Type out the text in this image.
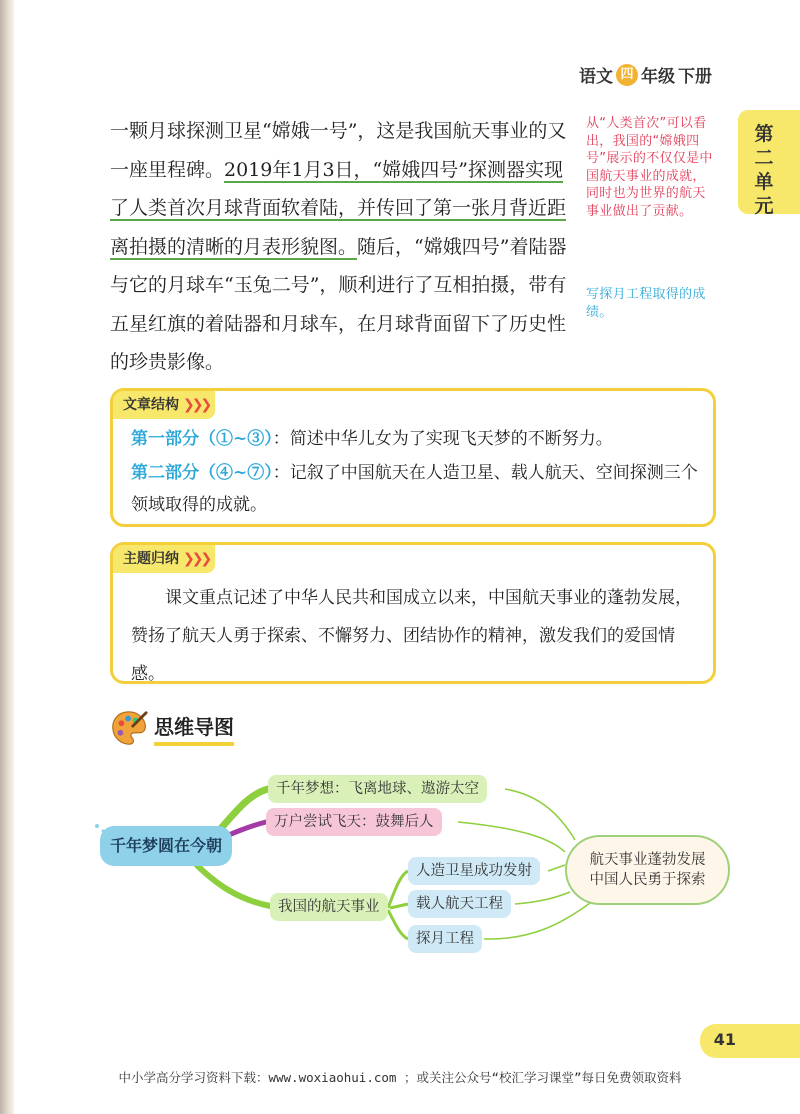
语文 四 年级 下册
第二单元

一颗月球探测卫星“嫦娥一号”，这是我国航天事业的又一座里程碑。2019年1月3日，“嫦娥四号”探测器实现了人类首次月球背面软着陆，并传回了第一张月背近距离拍摄的清晰的月表形貌图。随后，“嫦娥四号”着陆器与它的月球车“玉兔二号”，顺利进行了互相拍摄，带有五星红旗的着陆器和月球车，在月球背面留下了历史性的珍贵影像。

从“人类首次”可以看出，我国的“嫦娥四号”展示的不仅仅是中国航天事业的成就，同时也为世界的航天事业做出了贡献。

写探月工程取得的成绩。

文章结构 ❯❯❯

第一部分（①~③）：简述中华儿女为了实现飞天梦的不断努力。

第二部分（④~⑦）：记叙了中国航天在人造卫星、载人航天、空间探测三个领域取得的成就。

主题归纳 ❯❯❯

课文重点记述了中华人民共和国成立以来，中国航天事业的蓬勃发展，赞扬了航天人勇于探索、不懈努力、团结协作的精神，激发我们的爱国情感。

思维导图
千年梦圆在今朝
千年梦想：飞离地球、遨游太空
万户尝试飞天：鼓舞后人
我国的航天事业
人造卫星成功发射
载人航天工程
探月工程
航天事业蓬勃发展
中国人民勇于探索
41
中小学高分学习资料下载：www.woxiaohui.com ；或关注公众号“校汇学习课堂”每日免费领取资料
